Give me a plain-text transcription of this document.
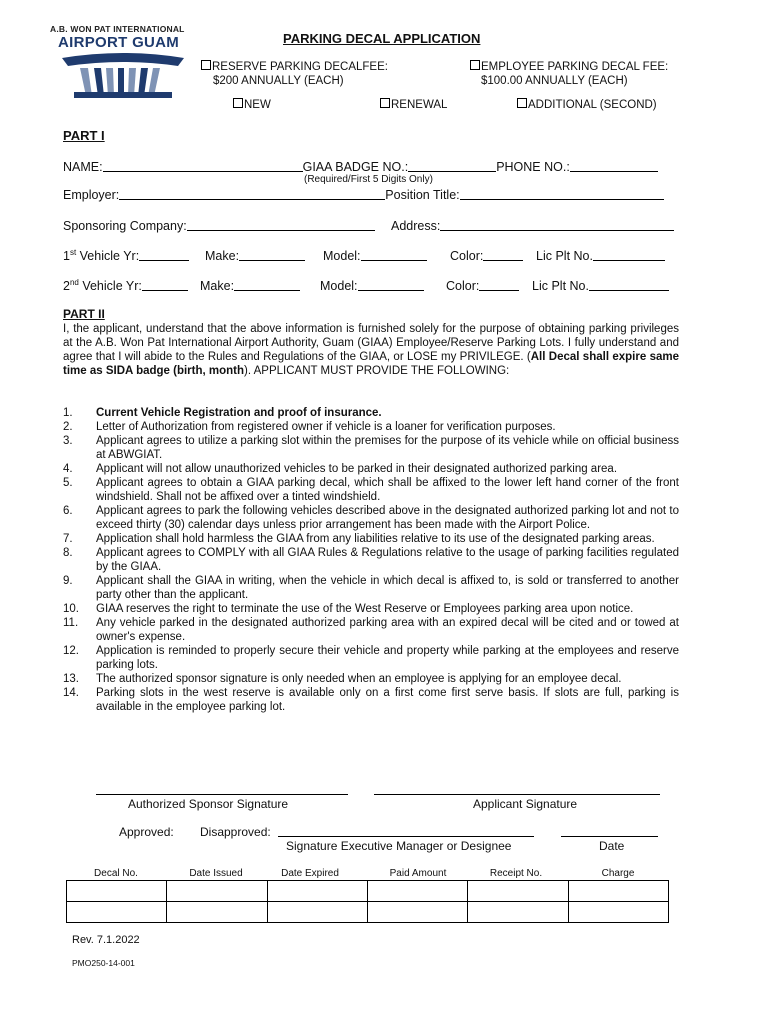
A.B. WON PAT INTERNATIONAL
AIRPORT GUAM	PARKING DECAL APPLICATION
RESERVE PARKING DECALFEE:
$200 ANNUALLY (EACH)
EMPLOYEE PARKING DECAL FEE:
$100.00 ANNUALLY (EACH)
NEW	RENEWAL	ADDITIONAL (SECOND)
PART I
NAME:	GIAA BADGE NO.:	PHONE NO.:
(Required/First 5 Digits Only)
Employer:	Position Title:
Sponsoring Company:	Address:
1st Vehicle Yr:	Make:	Model:	Color:	Lic Plt No.
2nd Vehicle Yr:	Make:	Model:	Color:	Lic Plt No.
PART II
I, the applicant, understand that the above information is furnished solely for the purpose of obtaining parking privileges at the A.B. Won Pat International Airport Authority, Guam (GIAA) Employee/Reserve Parking Lots. I fully understand and agree that I will abide to the Rules and Regulations of the GIAA, or LOSE my PRIVILEGE. (All Decal shall expire same time as SIDA badge (birth, month). APPLICANT MUST PROVIDE THE FOLLOWING:
1.	Current Vehicle Registration and proof of insurance.
2.	Letter of Authorization from registered owner if vehicle is a loaner for verification purposes.
3.	Applicant agrees to utilize a parking slot within the premises for the purpose of its vehicle while on official business at ABWGIAT.
4.	Applicant will not allow unauthorized vehicles to be parked in their designated authorized parking area.
5.	Applicant agrees to obtain a GIAA parking decal, which shall be affixed to the lower left hand corner of the front windshield. Shall not be affixed over a tinted windshield.
6.	Applicant agrees to park the following vehicles described above in the designated authorized parking lot and not to exceed thirty (30) calendar days unless prior arrangement has been made with the Airport Police.
7.	Application shall hold harmless the GIAA from any liabilities relative to its use of the designated parking areas.
8.	Applicant agrees to COMPLY with all GIAA Rules & Regulations relative to the usage of parking facilities regulated by the GIAA.
9.	Applicant shall the GIAA in writing, when the vehicle in which decal is affixed to, is sold or transferred to another party other than the applicant.
10.	GIAA reserves the right to terminate the use of the West Reserve or Employees parking area upon notice.
11.	Any vehicle parked in the designated authorized parking area with an expired decal will be cited and or towed at owner's expense.
12.	Application is reminded to properly secure their vehicle and property while parking at the employees and reserve parking lots.
13.	The authorized sponsor signature is only needed when an employee is applying for an employee decal.
14.	Parking slots in the west reserve is available only on a first come first serve basis. If slots are full, parking is available in the employee parking lot.
Authorized Sponsor Signature	Applicant Signature
Approved: Disapproved:
Signature Executive Manager or Designee	Date
Decal No.	Date Issued	Date Expired	Paid Amount	Receipt No.	Charge

Rev. 7.1.2022
PMO250-14-001
